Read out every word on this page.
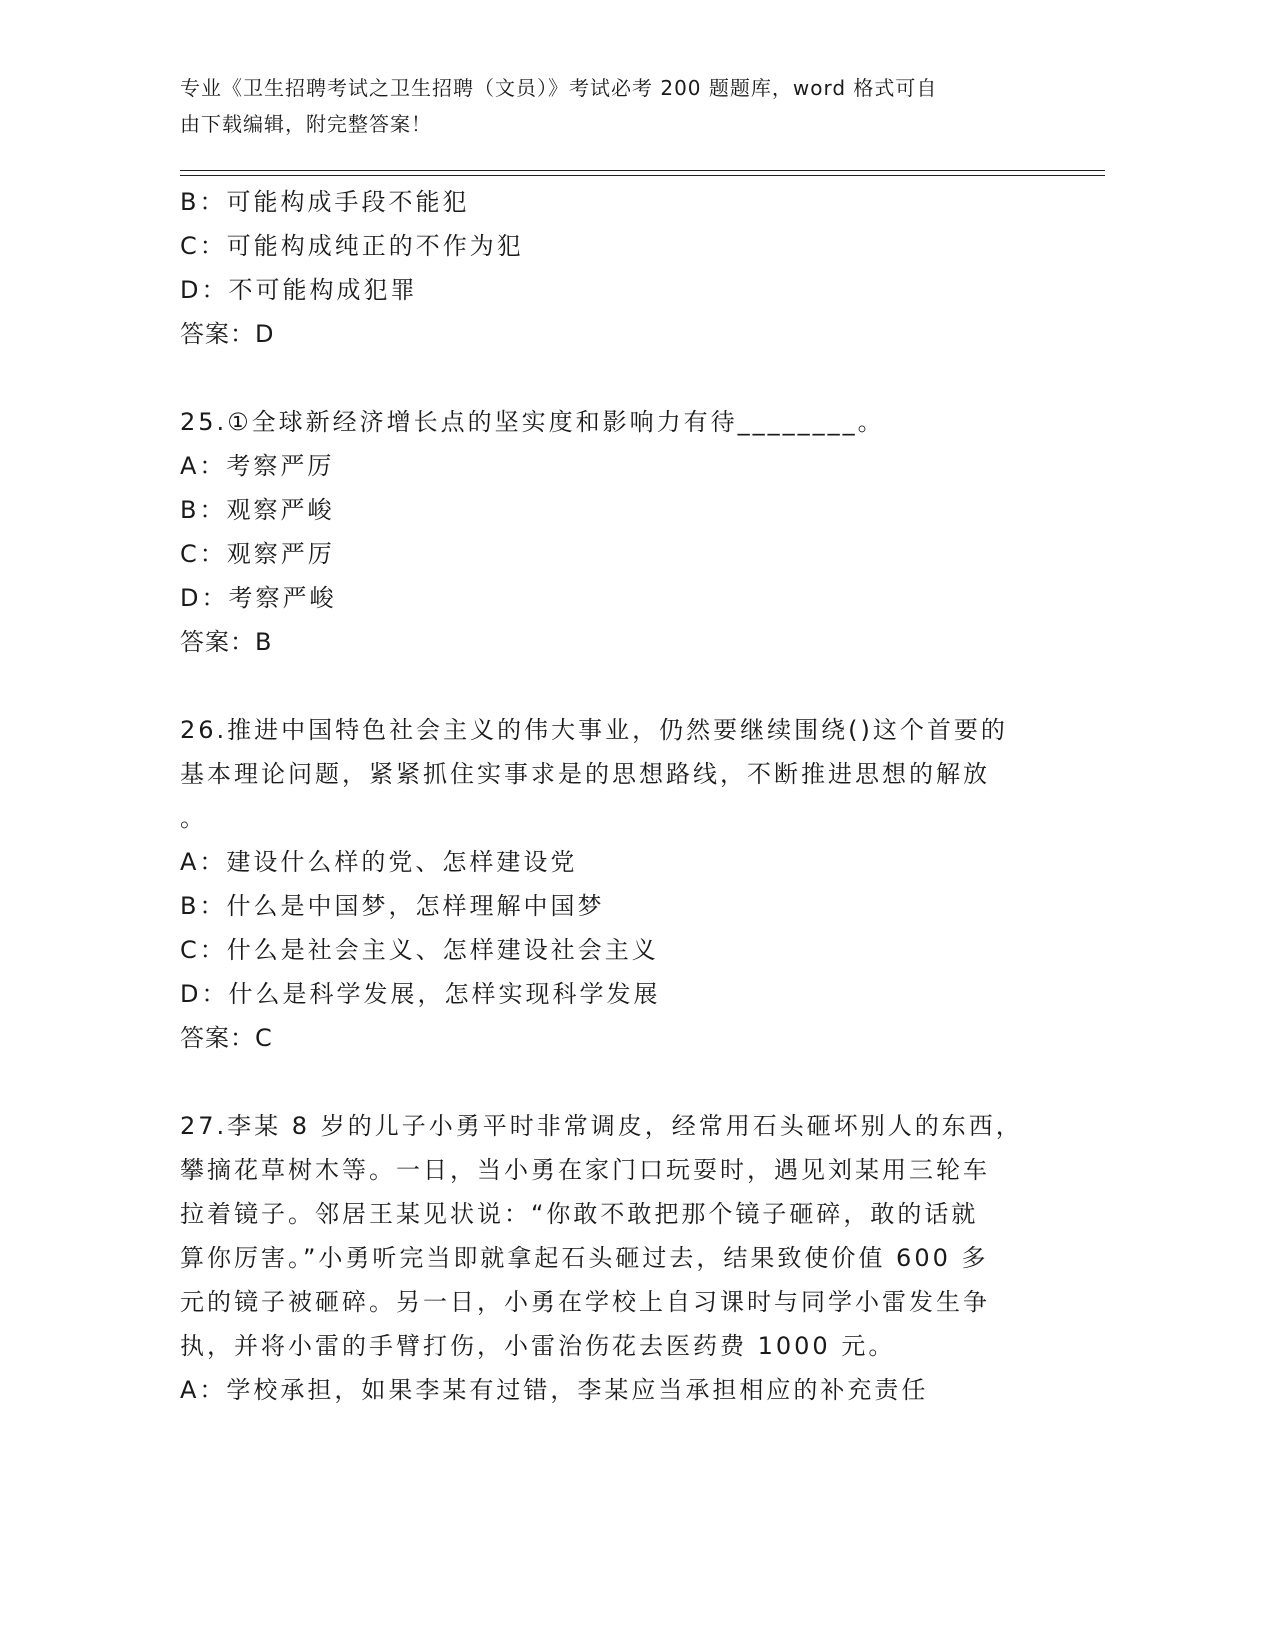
专业《卫生招聘考试之卫生招聘（文员）》考试必考 200 题题库，word 格式可自
由下载编辑，附完整答案！
B：可能构成手段不能犯
C：可能构成纯正的不作为犯
D：不可能构成犯罪
答案：D
25.①全球新经济增长点的坚实度和影响力有待________。
A：考察严厉
B：观察严峻
C：观察严厉
D：考察严峻
答案：B
26.推进中国特色社会主义的伟大事业，仍然要继续围绕()这个首要的
基本理论问题，紧紧抓住实事求是的思想路线，不断推进思想的解放
。
A：建设什么样的党、怎样建设党
B：什么是中国梦，怎样理解中国梦
C：什么是社会主义、怎样建设社会主义
D：什么是科学发展，怎样实现科学发展
答案：C
27.李某 8 岁的儿子小勇平时非常调皮，经常用石头砸坏别人的东西，
攀摘花草树木等。一日，当小勇在家门口玩耍时，遇见刘某用三轮车
拉着镜子。邻居王某见状说：“你敢不敢把那个镜子砸碎，敢的话就
算你厉害。”小勇听完当即就拿起石头砸过去，结果致使价值 600 多
元的镜子被砸碎。另一日，小勇在学校上自习课时与同学小雷发生争
执，并将小雷的手臂打伤，小雷治伤花去医药费 1000 元。
A：学校承担，如果李某有过错，李某应当承担相应的补充责任
